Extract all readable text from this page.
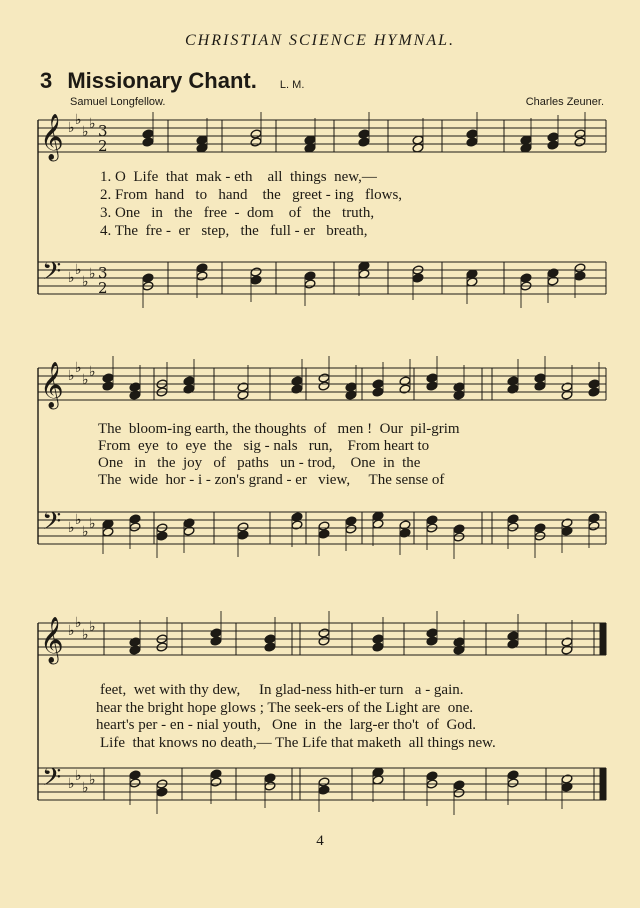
CHRISTIAN SCIENCE HYMNAL.
3 Missionary Chant. L. M.
Samuel Longfellow.	Charles Zeuner.
𝄞
𝄢
♭
♭
♭
♭
♭
♭
♭
♭
3
2
3
2
𝄞
𝄢
♭
♭
♭
♭
♭
♭
♭
♭
𝄞
𝄢
♭
♭
♭
♭
♭
♭
♭
♭
1. O  Life  that  mak - eth    all  things  new,—
2. From  hand   to   hand    the   greet - ing   flows,
3. One   in   the   free  -  dom    of   the   truth,
4. The  fre -  er   step,   the   full - er   breath,
The  bloom-ing earth, the thoughts  of   men !  Our  pil-grim
From  eye  to  eye  the   sig - nals   run,    From heart to
One   in   the  joy   of   paths   un - trod,    One  in  the
The  wide  hor - i - zon's grand - er   view,     The sense of
feet,  wet with thy dew,     In glad-ness hith-er turn   a - gain.
hear the bright hope glows ; The seek-ers of the Light are  one.
heart's per - en - nial youth,   One  in  the  larg-er tho't  of  God.
Life  that knows no death,— The Life that maketh  all things new.
4
